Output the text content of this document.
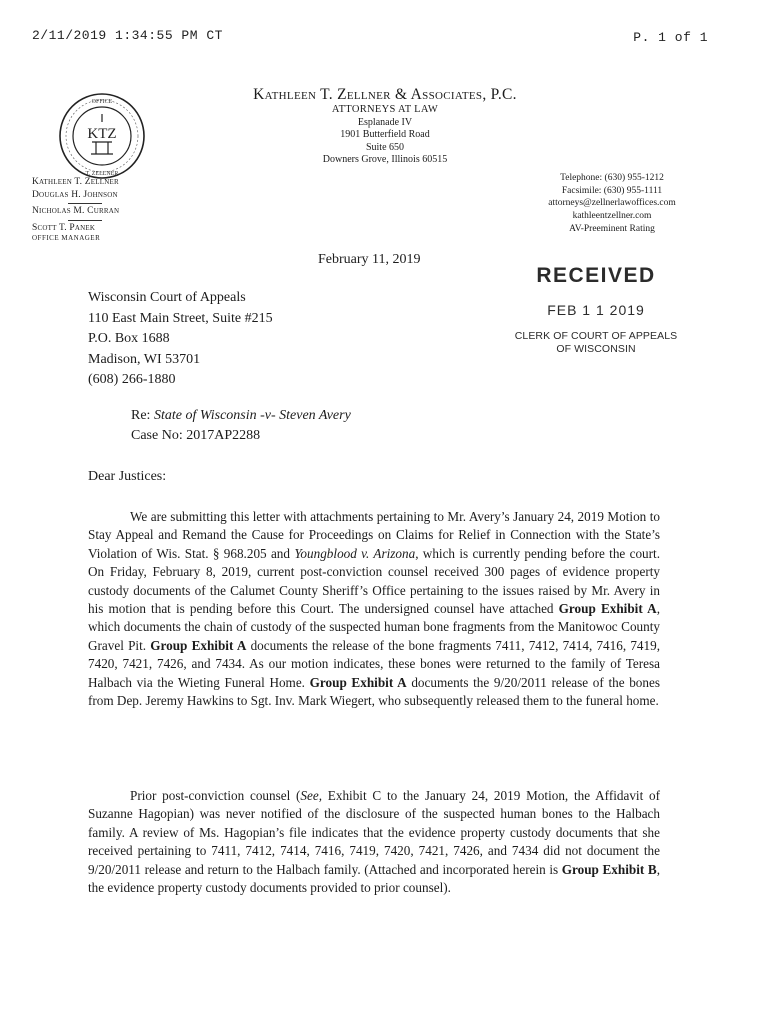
2/11/2019 1:34:55 PM CT	P. 1 of 1
KTZ
OFFICE
T. ZELLNER
Kathleen T. Zellner & Associates, P.C.
ATTORNEYS AT LAW
Esplanade IV
1901 Butterfield Road
Suite 650
Downers Grove, Illinois 60515
Kathleen T. Zellner
Douglas H. Johnson
Nicholas M. Curran
Scott T. Panek
OFFICE MANAGER
Telephone: (630) 955-1212
Facsimile: (630) 955-1111
attorneys@zellnerlawoffices.com
kathleentzellner.com
AV-Preeminent Rating
February 11, 2019
RECEIVED
FEB 1 1 2019
CLERK OF COURT OF APPEALS
OF WISCONSIN
Wisconsin Court of Appeals
110 East Main Street, Suite #215
P.O. Box 1688
Madison, WI 53701
(608) 266-1880
Re: State of Wisconsin -v- Steven Avery
Case No: 2017AP2288
Dear Justices:

We are submitting this letter with attachments pertaining to Mr. Avery’s January 24, 2019 Motion to Stay Appeal and Remand the Cause for Proceedings on Claims for Relief in Connection with the State’s Violation of Wis. Stat. § 968.205 and Youngblood v. Arizona, which is currently pending before the court. On Friday, February 8, 2019, current post-conviction counsel received 300 pages of evidence property custody documents of the Calumet County Sheriff’s Office pertaining to the issues raised by Mr. Avery in his motion that is pending before this Court. The undersigned counsel have attached Group Exhibit A, which documents the chain of custody of the suspected human bone fragments from the Manitowoc County Gravel Pit. Group Exhibit A documents the release of the bone fragments 7411, 7412, 7414, 7416, 7419, 7420, 7421, 7426, and 7434. As our motion indicates, these bones were returned to the family of Teresa Halbach via the Wieting Funeral Home. Group Exhibit A documents the 9/20/2011 release of the bones from Dep. Jeremy Hawkins to Sgt. Inv. Mark Wiegert, who subsequently released them to the funeral home.

Prior post-conviction counsel (See, Exhibit C to the January 24, 2019 Motion, the Affidavit of Suzanne Hagopian) was never notified of the disclosure of the suspected human bones to the Halbach family. A review of Ms. Hagopian’s file indicates that the evidence property custody documents that she received pertaining to 7411, 7412, 7414, 7416, 7419, 7420, 7421, 7426, and 7434 did not document the 9/20/2011 release and return to the Halbach family. (Attached and incorporated herein is Group Exhibit B, the evidence property custody documents provided to prior counsel).
